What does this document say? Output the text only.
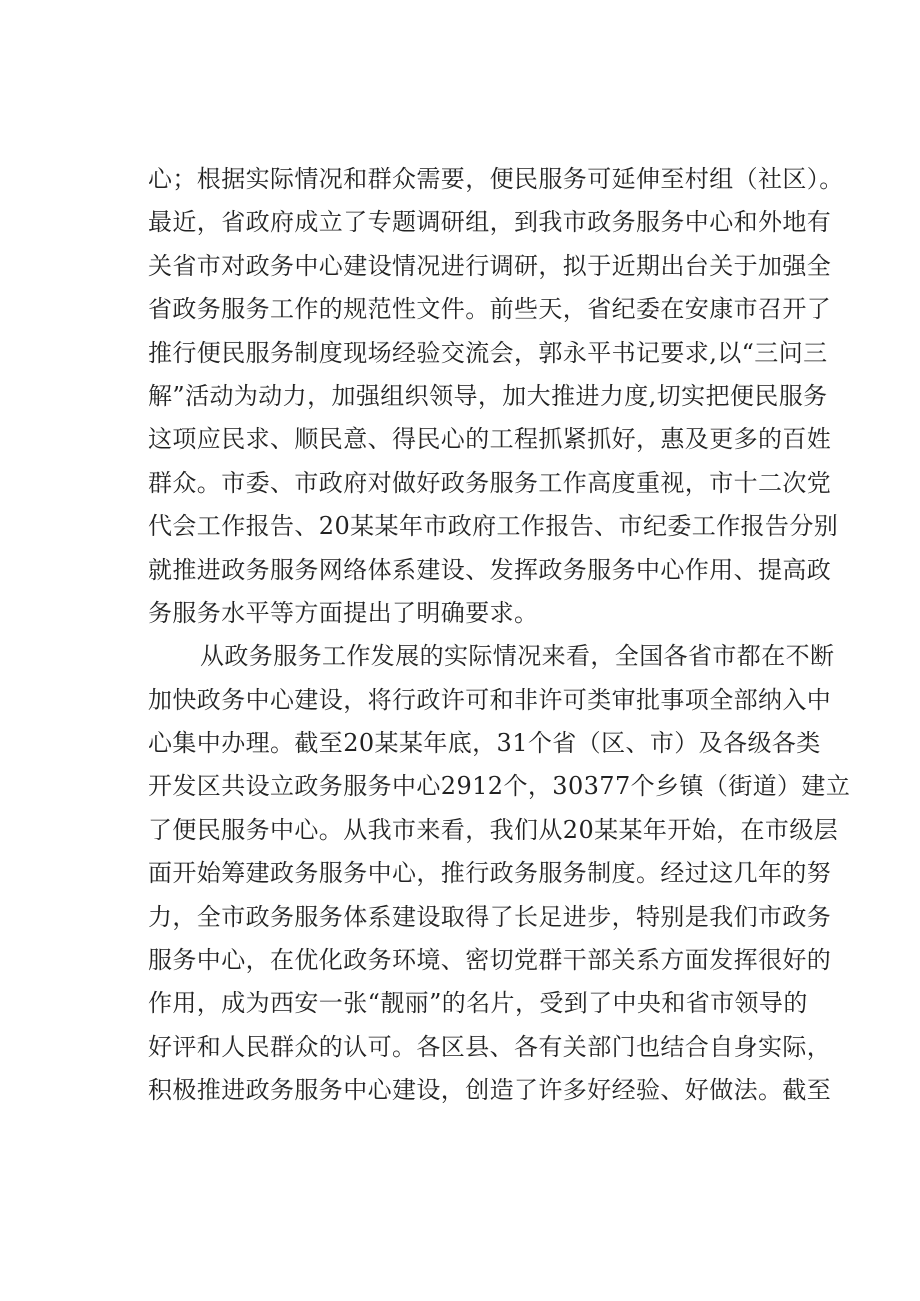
心；根据实际情况和群众需要，便民服务可延伸至村组（社区）。
最近，省政府成立了专题调研组，到我市政务服务中心和外地有
关省市对政务中心建设情况进行调研，拟于近期出台关于加强全
省政务服务工作的规范性文件。前些天，省纪委在安康市召开了
推行便民服务制度现场经验交流会，郭永平书记要求,以“三问三
解”活动为动力，加强组织领导，加大推进力度,切实把便民服务
这项应民求、顺民意、得民心的工程抓紧抓好，惠及更多的百姓
群众。市委、市政府对做好政务服务工作高度重视，市十二次党
代会工作报告、20某某年市政府工作报告、市纪委工作报告分别
就推进政务服务网络体系建设、发挥政务服务中心作用、提高政
务服务水平等方面提出了明确要求。
从政务服务工作发展的实际情况来看，全国各省市都在不断
加快政务中心建设，将行政许可和非许可类审批事项全部纳入中
心集中办理。截至20某某年底，31个省（区、市）及各级各类
开发区共设立政务服务中心2912个，30377个乡镇（街道）建立
了便民服务中心。从我市来看，我们从20某某年开始，在市级层
面开始筹建政务服务中心，推行政务服务制度。经过这几年的努
力，全市政务服务体系建设取得了长足进步，特别是我们市政务
服务中心，在优化政务环境、密切党群干部关系方面发挥很好的
作用，成为西安一张“靓丽”的名片，受到了中央和省市领导的
好评和人民群众的认可。各区县、各有关部门也结合自身实际，
积极推进政务服务中心建设，创造了许多好经验、好做法。截至
